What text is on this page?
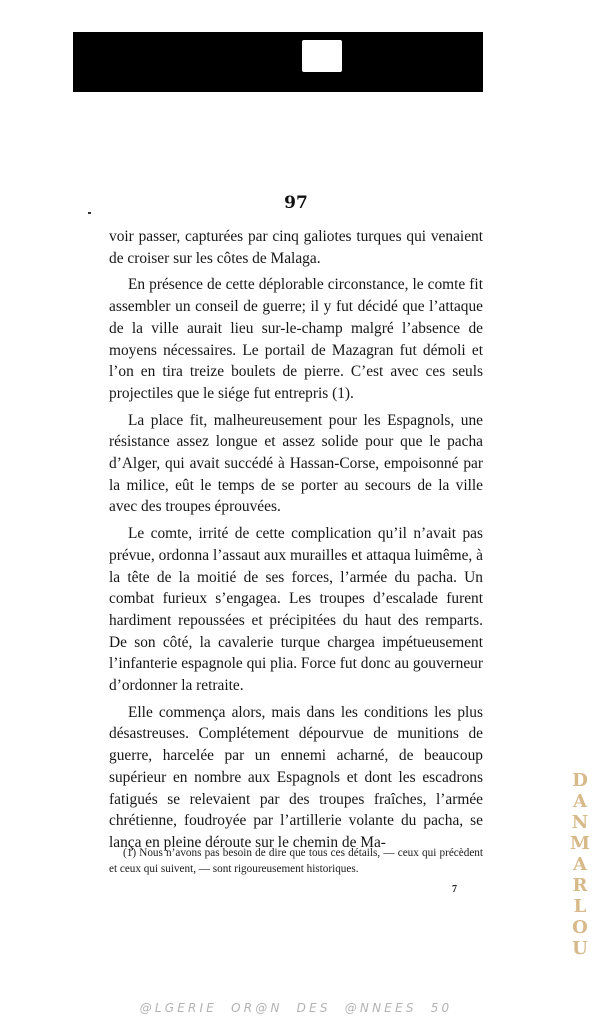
97

voir passer, capturées par cinq galiotes turques qui venaient de croiser sur les côtes de Malaga.

En présence de cette déplorable circonstance, le comte fit assembler un conseil de guerre; il y fut décidé que l’attaque de la ville aurait lieu sur-le-champ malgré l’absence de moyens nécessaires. Le portail de Mazagran fut démoli et l’on en tira treize boulets de pierre. C’est avec ces seuls projectiles que le siége fut entrepris (1).

La place fit, malheureusement pour les Espagnols, une résistance assez longue et assez solide pour que le pacha d’Alger, qui avait succédé à Hassan-Corse, empoisonné par la milice, eût le temps de se porter au secours de la ville avec des troupes éprouvées.

Le comte, irrité de cette complication qu’il n’avait pas prévue, ordonna l’assaut aux murailles et attaqua luimême, à la tête de la moitié de ses forces, l’armée du pacha. Un combat furieux s’engagea. Les troupes d’escalade furent hardiment repoussées et précipitées du haut des remparts. De son côté, la cavalerie turque chargea impétueusement l’infanterie espagnole qui plia. Force fut donc au gouverneur d’ordonner la retraite.

Elle commença alors, mais dans les conditions les plus désastreuses. Complétement dépourvue de munitions de guerre, harcelée par un ennemi acharné, de beaucoup supérieur en nombre aux Espagnols et dont les escadrons fatigués se relevaient par des troupes fraîches, l’armée chrétienne, foudroyée par l’artillerie volante du pacha, se lança en pleine déroute sur le chemin de Ma-

(1) Nous n’avons pas besoin de dire que tous ces détails, — ceux qui précèdent et ceux qui suivent, — sont rigoureusement historiques.
7
D
A
N
M
A
R
L
O
U
@LGERIE  OR@N  DES  @NNEES  50
